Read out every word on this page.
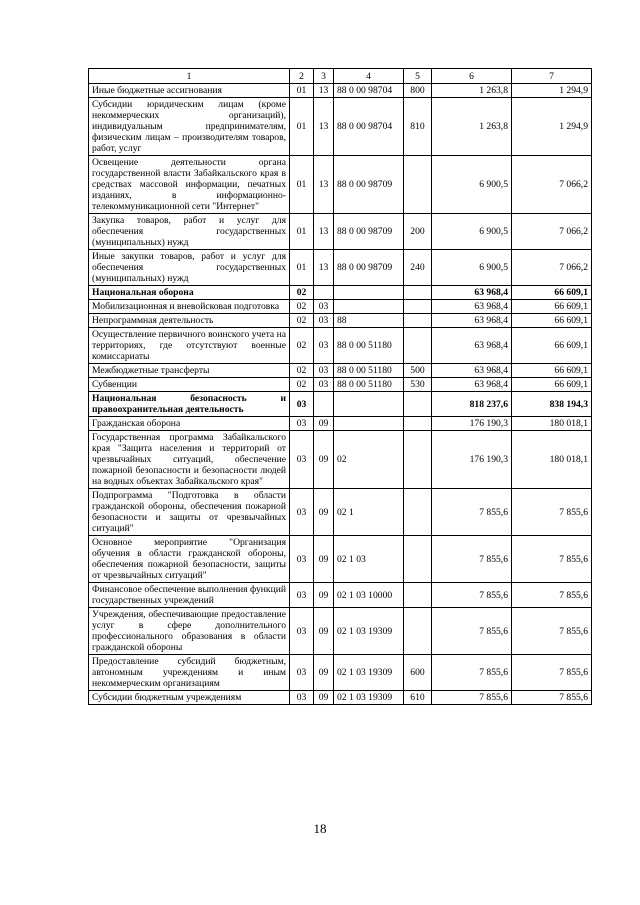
1	2	3	4	5	6	7
Иные бюджетные ассигнования	01	13	88 0 00 98704	800	1 263,8	1 294,9
Субсидии юридическим лицам (кроме некоммерческих организаций), индивидуальным предпринимателям, физическим лицам – производителям товаров, работ, услуг	01	13	88 0 00 98704	810	1 263,8	1 294,9
Освещение деятельности органа государственной власти Забайкальского края в средствах массовой информации, печатных изданиях, в информационно-телекоммуникационной сети "Интернет"	01	13	88 0 00 98709		6 900,5	7 066,2
Закупка товаров, работ и услуг для обеспечения государственных (муниципальных) нужд	01	13	88 0 00 98709	200	6 900,5	7 066,2
Иные закупки товаров, работ и услуг для обеспечения государственных (муниципальных) нужд	01	13	88 0 00 98709	240	6 900,5	7 066,2
Национальная оборона	02				63 968,4	66 609,1
Мобилизационная и вневойсковая подготовка	02	03			63 968,4	66 609,1
Непрограммная деятельность	02	03	88		63 968,4	66 609,1
Осуществление первичного воинского учета на территориях, где отсутствуют военные комиссариаты	02	03	88 0 00 51180		63 968,4	66 609,1
Межбюджетные трансферты	02	03	88 0 00 51180	500	63 968,4	66 609,1
Субвенции	02	03	88 0 00 51180	530	63 968,4	66 609,1
Национальная безопасность и правоохранительная деятельность	03				818 237,6	838 194,3
Гражданская оборона	03	09			176 190,3	180 018,1
Государственная программа Забайкальского края "Защита населения и территорий от чрезвычайных ситуаций, обеспечение пожарной безопасности и безопасности людей на водных объектах Забайкальского края"	03	09	02		176 190,3	180 018,1
Подпрограмма "Подготовка в области гражданской обороны, обеспечения пожарной безопасности и защиты от чрезвычайных ситуаций"	03	09	02 1		7 855,6	7 855,6
Основное мероприятие "Организация обучения в области гражданской обороны, обеспечения пожарной безопасности, защиты от чрезвычайных ситуаций"	03	09	02 1 03		7 855,6	7 855,6
Финансовое обеспечение выполнения функций государственных учреждений	03	09	02 1 03 10000		7 855,6	7 855,6
Учреждения, обеспечивающие предоставление услуг в сфере дополнительного профессионального образования в области гражданской обороны	03	09	02 1 03 19309		7 855,6	7 855,6
Предоставление субсидий бюджетным, автономным учреждениям и иным некоммерческим организациям	03	09	02 1 03 19309	600	7 855,6	7 855,6
Субсидии бюджетным учреждениям	03	09	02 1 03 19309	610	7 855,6	7 855,6
18
